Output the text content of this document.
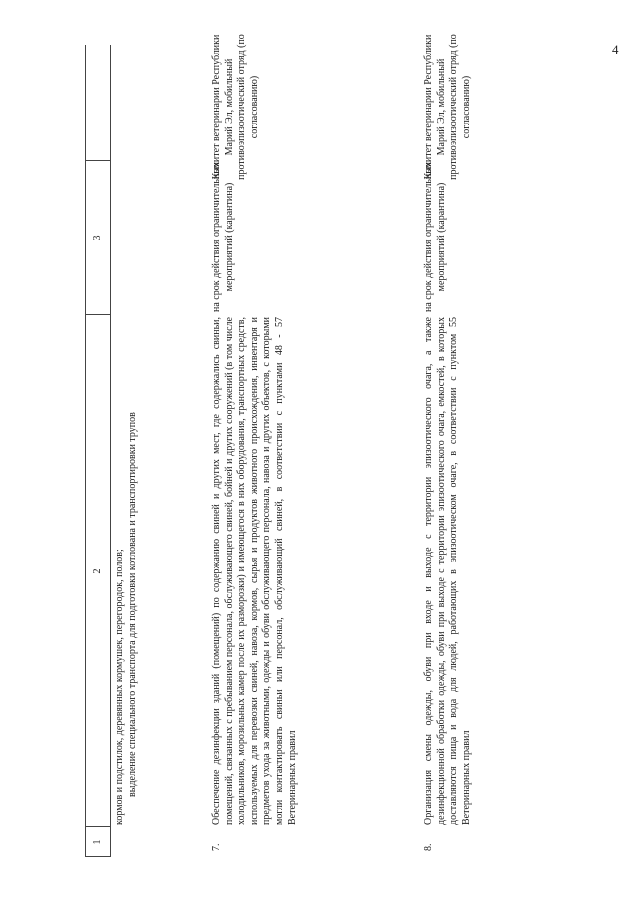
4
1
2
3
кормов и подстилок, деревянных кормушек, перегородок, полов; выделение специального транспорта для подготовки котлована и транспортировки трупов
7.
Обеспечение дезинфекции зданий (помещений) по содержанию свиней и других мест, где содержались свиньи, помещений, связанных с пребыванием персонала, обслуживающего свиней, бойней и других сооружений (в том числе холодильников, морозильных камер после их разморозки) и имеющегося в них оборудования, транспортных средств, используемых для перевозки свиней, навоза, кормов, сырья и продуктов животного происхождения, инвентаря и предметов ухода за животными, одежды и обуви обслуживающего персонала, навоза и других объектов, с которыми могли контактировать свиньи или персонал, обслуживающий свиней, в соответствии с пунктами 48 - 57 Ветеринарных правил
на срок действия ограничительных мероприятий (карантина)
Комитет ветеринарии Республики Марий Эл, мобильный противоэпизоотический отряд (по согласованию)
8.
Организация смены одежды, обуви при входе и выходе с территории эпизоотического очага, а также дезинфекционной обработки одежды, обуви при выходе с территории эпизоотического очага, емкостей, в которых доставляются пища и вода для людей, работающих в эпизоотическом очаге, в соответствии с пунктом 55 Ветеринарных правил
на срок действия ограничительных мероприятий (карантина)
Комитет ветеринарии Республики Марий Эл, мобильный противоэпизоотический отряд (по согласованию)
